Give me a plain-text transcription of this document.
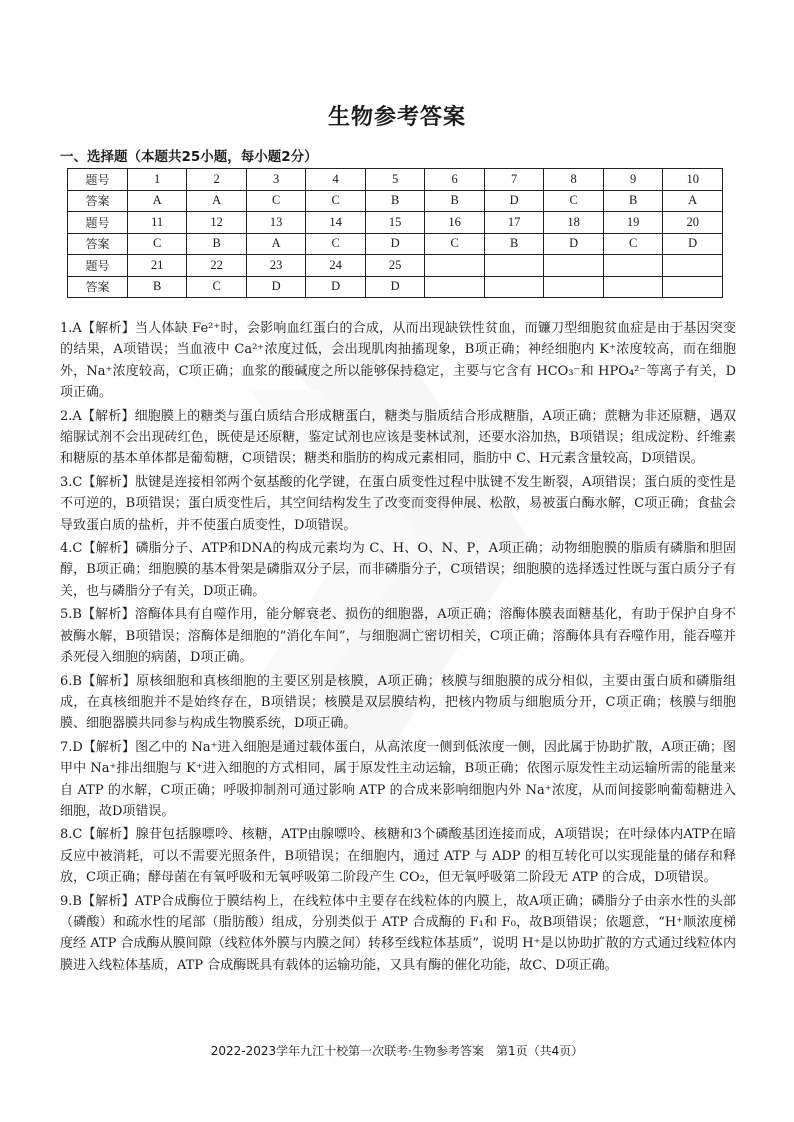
生物参考答案
一、选择题（本题共25小题，每小题2分）
题号	1	2	3	4	5	6	7	8	9	10
答案	A	A	C	C	B	B	D	C	B	A
题号	11	12	13	14	15	16	17	18	19	20
答案	C	B	A	C	D	C	B	D	C	D
题号	21	22	23	24	25					
答案	B	C	D	D	D					

1.A【解析】当人体缺 Fe²⁺时，会影响血红蛋白的合成，从而出现缺铁性贫血，而镰刀型细胞贫血症是由于基因突变的结果，A项错误；当血液中 Ca²⁺浓度过低，会出现肌肉抽搐现象，B项正确；神经细胞内 K⁺浓度较高，而在细胞外，Na⁺浓度较高，C项正确；血浆的酸碱度之所以能够保持稳定，主要与它含有 HCO₃⁻和 HPO₄²⁻等离子有关，D项正确。

2.A【解析】细胞膜上的糖类与蛋白质结合形成糖蛋白，糖类与脂质结合形成糖脂，A项正确；蔗糖为非还原糖，遇双缩脲试剂不会出现砖红色，既使是还原糖，鉴定试剂也应该是斐林试剂，还要水浴加热，B项错误；组成淀粉、纤维素和糖原的基本单体都是葡萄糖，C项错误；糖类和脂肪的构成元素相同，脂肪中 C、H元素含量较高，D项错误。

3.C【解析】肽键是连接相邻两个氨基酸的化学键，在蛋白质变性过程中肽键不发生断裂，A项错误；蛋白质的变性是不可逆的，B项错误；蛋白质变性后，其空间结构发生了改变而变得伸展、松散，易被蛋白酶水解，C项正确；食盐会导致蛋白质的盐析，并不使蛋白质变性，D项错误。

4.C【解析】磷脂分子、ATP和DNA的构成元素均为 C、H、O、N、P，A项正确；动物细胞膜的脂质有磷脂和胆固醇，B项正确；细胞膜的基本骨架是磷脂双分子层，而非磷脂分子，C项错误；细胞膜的选择透过性既与蛋白质分子有关，也与磷脂分子有关，D项正确。

5.B【解析】溶酶体具有自噬作用，能分解衰老、损伤的细胞器，A项正确；溶酶体膜表面糖基化，有助于保护自身不被酶水解，B项错误；溶酶体是细胞的“消化车间”，与细胞凋亡密切相关，C项正确；溶酶体具有吞噬作用，能吞噬并杀死侵入细胞的病菌，D项正确。

6.B【解析】原核细胞和真核细胞的主要区别是核膜，A项正确；核膜与细胞膜的成分相似，主要由蛋白质和磷脂组成，在真核细胞并不是始终存在，B项错误；核膜是双层膜结构，把核内物质与细胞质分开，C项正确；核膜与细胞膜、细胞器膜共同参与构成生物膜系统，D项正确。

7.D【解析】图乙中的 Na⁺进入细胞是通过载体蛋白，从高浓度一侧到低浓度一侧，因此属于协助扩散，A项正确；图甲中 Na⁺排出细胞与 K⁺进入细胞的方式相同，属于原发性主动运输，B项正确；依图示原发性主动运输所需的能量来自 ATP 的水解，C项正确；呼吸抑制剂可通过影响 ATP 的合成来影响细胞内外 Na⁺浓度，从而间接影响葡萄糖进入细胞，故D项错误。

8.C【解析】腺苷包括腺嘌呤、核糖，ATP由腺嘌呤、核糖和3个磷酸基团连接而成，A项错误；在叶绿体内ATP在暗反应中被消耗，可以不需要光照条件，B项错误；在细胞内，通过 ATP 与 ADP 的相互转化可以实现能量的储存和释放，C项正确；酵母菌在有氧呼吸和无氧呼吸第二阶段产生 CO₂，但无氧呼吸第二阶段无 ATP 的合成，D项错误。

9.B【解析】ATP合成酶位于膜结构上，在线粒体中主要存在线粒体的内膜上，故A项正确；磷脂分子由亲水性的头部（磷酸）和疏水性的尾部（脂肪酸）组成，分别类似于 ATP 合成酶的 F₁和 F₀，故B项错误；依题意，“H⁺顺浓度梯度经 ATP 合成酶从膜间隙（线粒体外膜与内膜之间）转移至线粒体基质”，说明 H⁺是以协助扩散的方式通过线粒体内膜进入线粒体基质，ATP 合成酶既具有载体的运输功能，又具有酶的催化功能，故C、D项正确。

2022-2023学年九江十校第一次联考·生物参考答案　第1页（共4页）
